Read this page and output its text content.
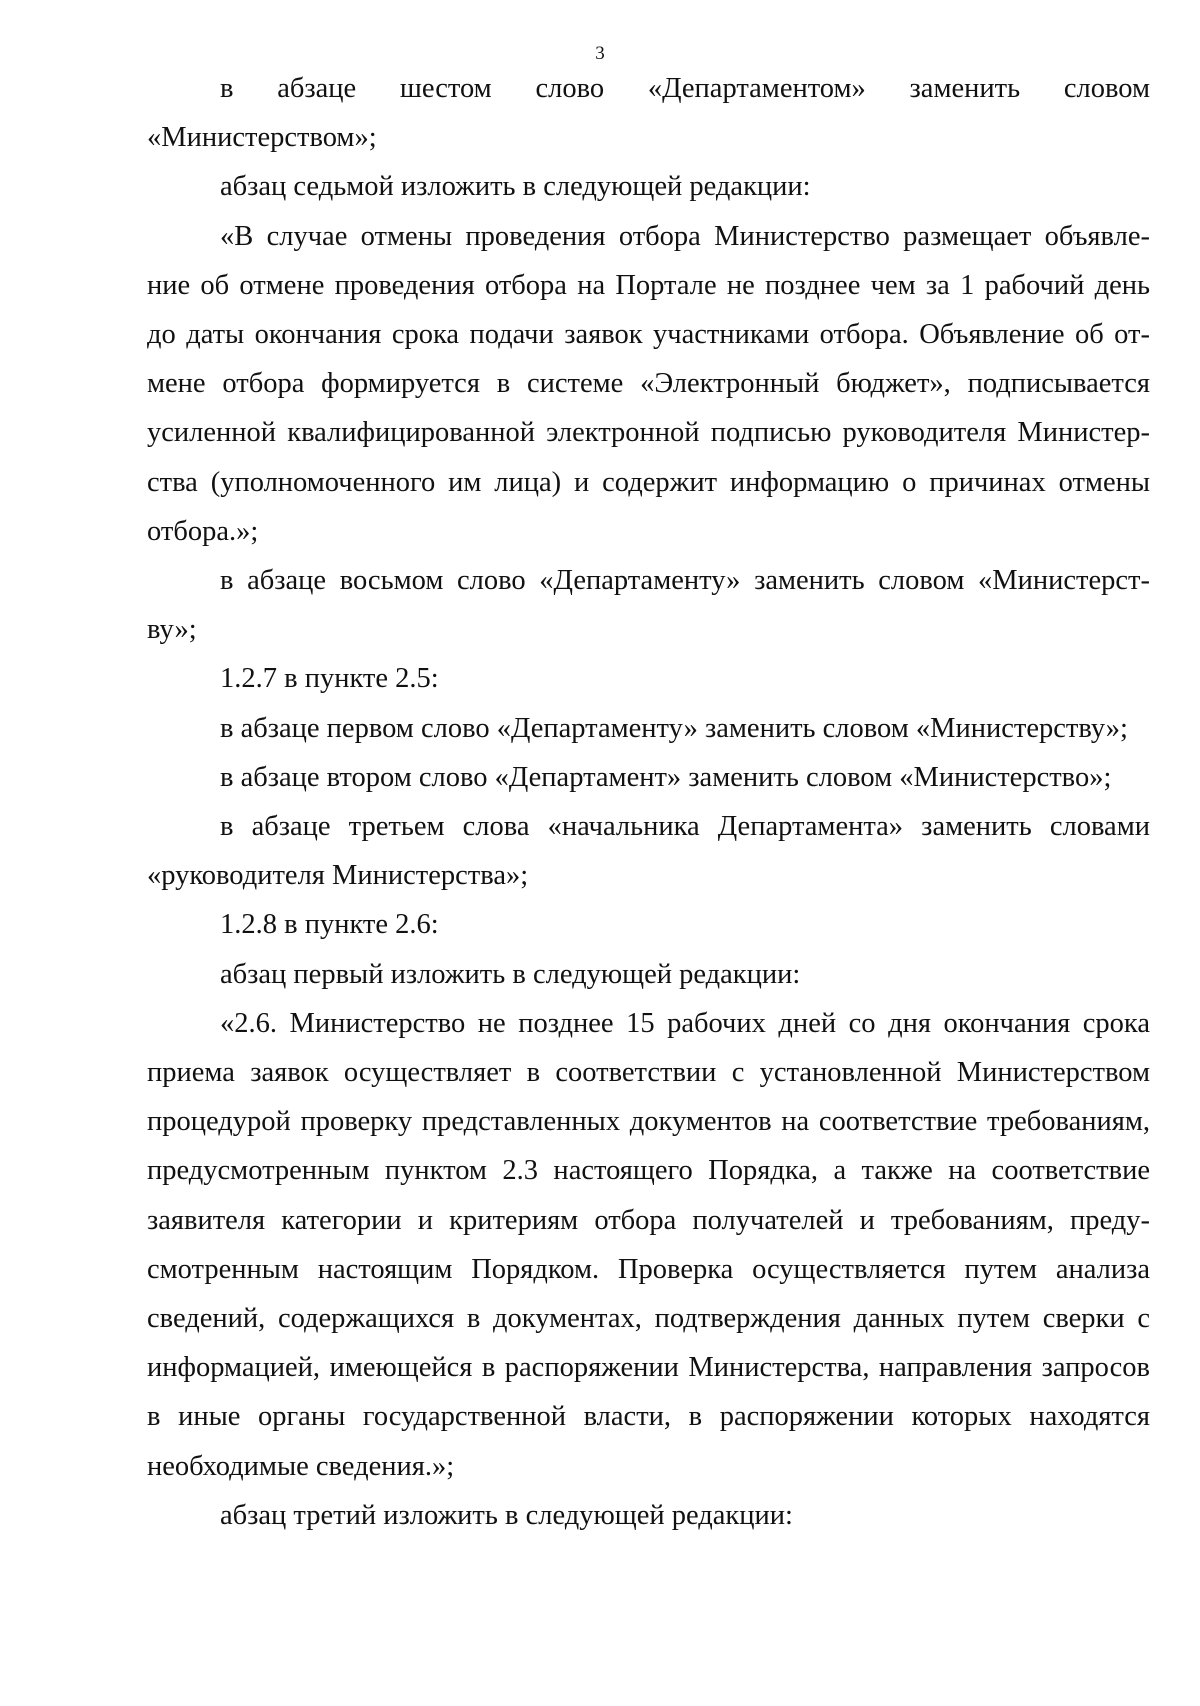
3

в абзаце шестом слово «Департаментом» заменить словом

«Министерством»;

абзац седьмой изложить в следующей редакции:

«В случае отмены проведения отбора Министерство размещает объявле-

ние об отмене проведения отбора на Портале не позднее чем за 1 рабочий день

до даты окончания срока подачи заявок участниками отбора. Объявление об от-

мене отбора формируется в системе «Электронный бюджет», подписывается

усиленной квалифицированной электронной подписью руководителя Министер-

ства (уполномоченного им лица) и содержит информацию о причинах отмены

отбора.»;

в абзаце восьмом слово «Департаменту» заменить словом «Министерст-

ву»;

1.2.7 в пункте 2.5:

в абзаце первом слово «Департаменту» заменить словом «Министерству»;

в абзаце втором слово «Департамент» заменить словом «Министерство»;

в абзаце третьем слова «начальника Департамента» заменить словами

«руководителя Министерства»;

1.2.8 в пункте 2.6:

абзац первый изложить в следующей редакции:

«2.6. Министерство не позднее 15 рабочих дней со дня окончания срока

приема заявок осуществляет в соответствии с установленной Министерством

процедурой проверку представленных документов на соответствие требованиям,

предусмотренным пунктом 2.3 настоящего Порядка, а также на соответствие

заявителя категории и критериям отбора получателей и требованиям, преду-

смотренным настоящим Порядком. Проверка осуществляется путем анализа

сведений, содержащихся в документах, подтверждения данных путем сверки с

информацией, имеющейся в распоряжении Министерства, направления запросов

в иные органы государственной власти, в распоряжении которых находятся

необходимые сведения.»;

абзац третий изложить в следующей редакции:
